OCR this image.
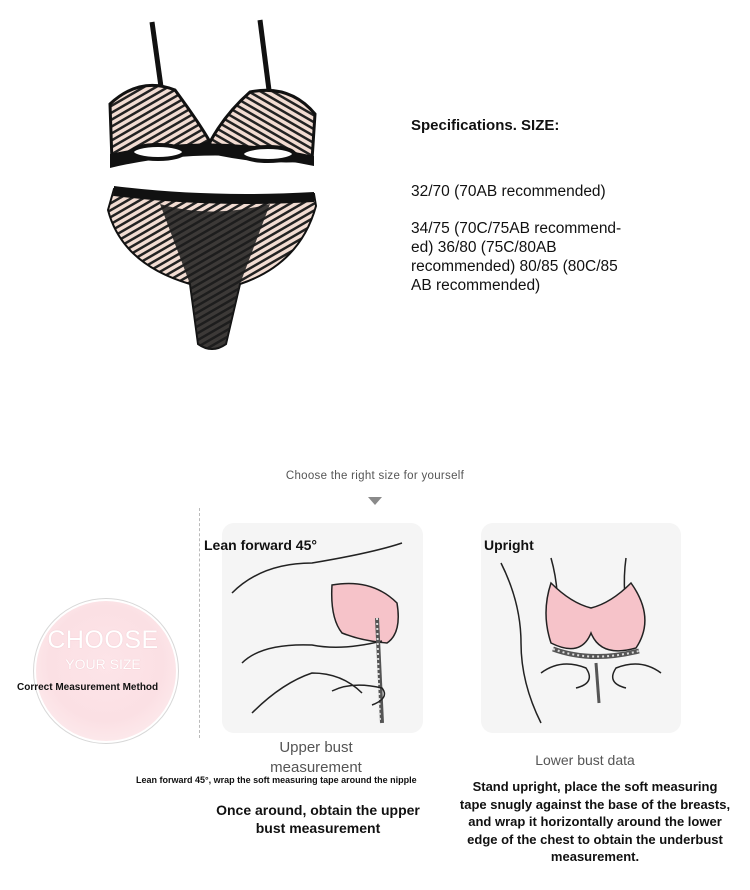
Specifications. SIZE:
32/70 (70AB recommended)
34/75 (70C/75AB recommend-
ed) 36/80 (75C/80AB
recommended) 80/85 (80C/85
AB recommended)
Choose the right size for yourself
CHOOSE
YOUR SIZE
Correct Measurement Method
Lean forward 45°	Upright
Upper bust
measurement
Lean forward 45°, wrap the soft measuring tape around the nipple
Once around, obtain the upper
bust measurement
Lower bust data
Stand upright, place the soft measuring
tape snugly against the base of the breasts,
and wrap it horizontally around the lower
edge of the chest to obtain the underbust
measurement.
